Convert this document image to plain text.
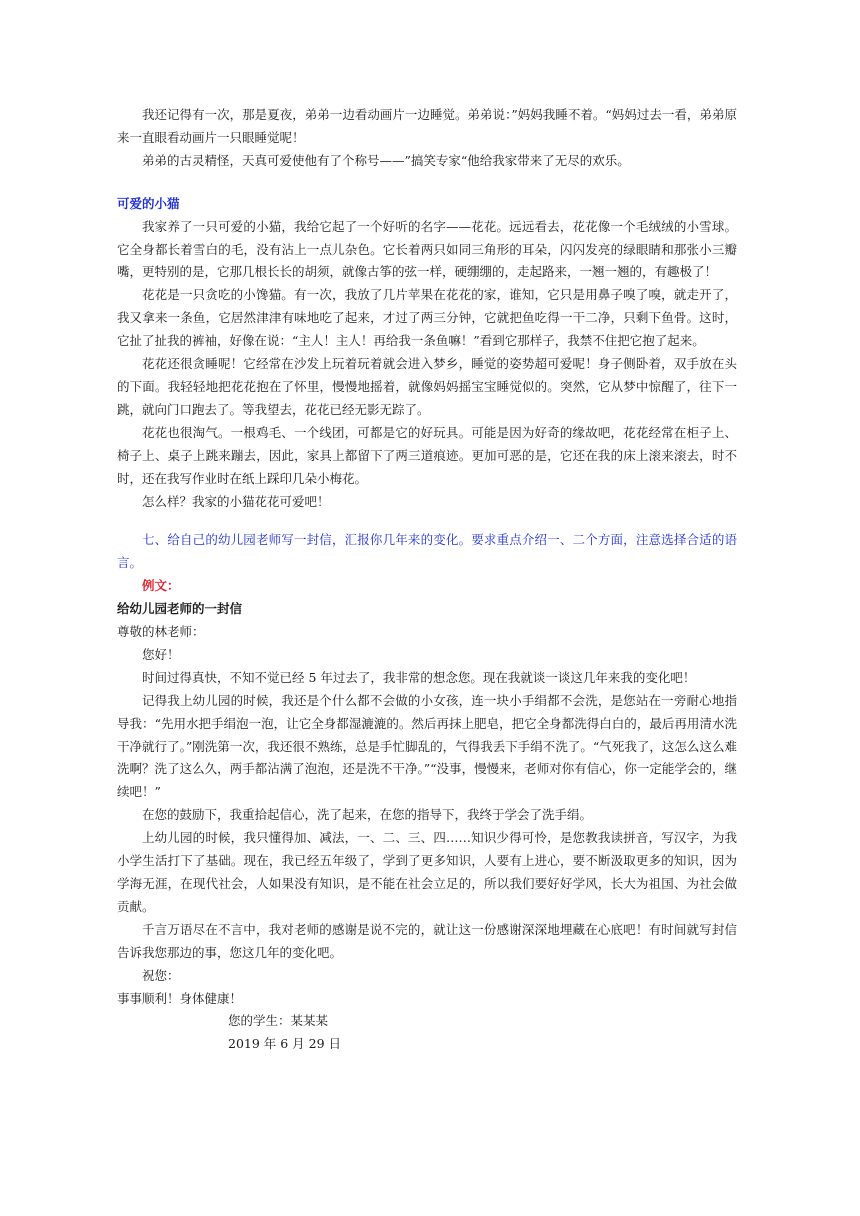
我还记得有一次，那是夏夜，弟弟一边看动画片一边睡觉。弟弟说：”妈妈我睡不着。“妈妈过去一看，弟弟原来一直眼看动画片一只眼睡觉呢！

弟弟的古灵精怪，天真可爱使他有了个称号——”搞笑专家“他给我家带来了无尽的欢乐。

可爱的小猫

我家养了一只可爱的小猫，我给它起了一个好听的名字——花花。远远看去，花花像一个毛绒绒的小雪球。它全身都长着雪白的毛，没有沾上一点儿杂色。它长着两只如同三角形的耳朵，闪闪发亮的绿眼睛和那张小三瓣嘴，更特别的是，它那几根长长的胡须，就像古筝的弦一样，硬绷绷的，走起路来，一翘一翘的，有趣极了！

花花是一只贪吃的小馋猫。有一次，我放了几片苹果在花花的家，谁知，它只是用鼻子嗅了嗅，就走开了，我又拿来一条鱼，它居然津津有味地吃了起来，才过了两三分钟，它就把鱼吃得一干二净，只剩下鱼骨。这时，它扯了扯我的裤袖，好像在说：“主人！主人！再给我一条鱼嘛！”看到它那样子，我禁不住把它抱了起来。

花花还很贪睡呢！它经常在沙发上玩着玩着就会进入梦乡，睡觉的姿势超可爱呢！身子侧卧着，双手放在头的下面。我轻轻地把花花抱在了怀里，慢慢地摇着，就像妈妈摇宝宝睡觉似的。突然，它从梦中惊醒了，往下一跳，就向门口跑去了。等我望去，花花已经无影无踪了。

花花也很淘气。一根鸡毛、一个线团，可都是它的好玩具。可能是因为好奇的缘故吧，花花经常在柜子上、椅子上、桌子上跳来蹦去，因此，家具上都留下了两三道痕迹。更加可恶的是，它还在我的床上滚来滚去，时不时，还在我写作业时在纸上踩印几朵小梅花。

怎么样？我家的小猫花花可爱吧！

七、给自己的幼儿园老师写一封信，汇报你几年来的变化。要求重点介绍一、二个方面，注意选择合适的语言。

例文：

给幼儿园老师的一封信

尊敬的林老师：

您好！

时间过得真快，不知不觉已经 5 年过去了，我非常的想念您。现在我就谈一谈这几年来我的变化吧！

记得我上幼儿园的时候，我还是个什么都不会做的小女孩，连一块小手绢都不会洗，是您站在一旁耐心地指导我：“先用水把手绢泡一泡，让它全身都湿漉漉的。然后再抹上肥皂，把它全身都洗得白白的，最后再用清水洗干净就行了。”刚洗第一次，我还很不熟练，总是手忙脚乱的，气得我丢下手绢不洗了。“气死我了，这怎么这么难洗啊？洗了这么久，两手都沾满了泡泡，还是洗不干净。”“没事，慢慢来，老师对你有信心，你一定能学会的，继续吧！”

在您的鼓励下，我重拾起信心，洗了起来，在您的指导下，我终于学会了洗手绢。

上幼儿园的时候，我只懂得加、减法，一、二、三、四……知识少得可怜，是您教我读拼音，写汉字，为我小学生活打下了基础。现在，我已经五年级了，学到了更多知识，人要有上进心，要不断汲取更多的知识，因为学海无涯，在现代社会，人如果没有知识，是不能在社会立足的，所以我们要好好学风，长大为祖国、为社会做贡献。

千言万语尽在不言中，我对老师的感谢是说不完的，就让这一份感谢深深地埋藏在心底吧！有时间就写封信告诉我您那边的事，您这几年的变化吧。

祝您：

事事顺利！身体健康！

您的学生：某某某

2019 年 6 月 29 日
